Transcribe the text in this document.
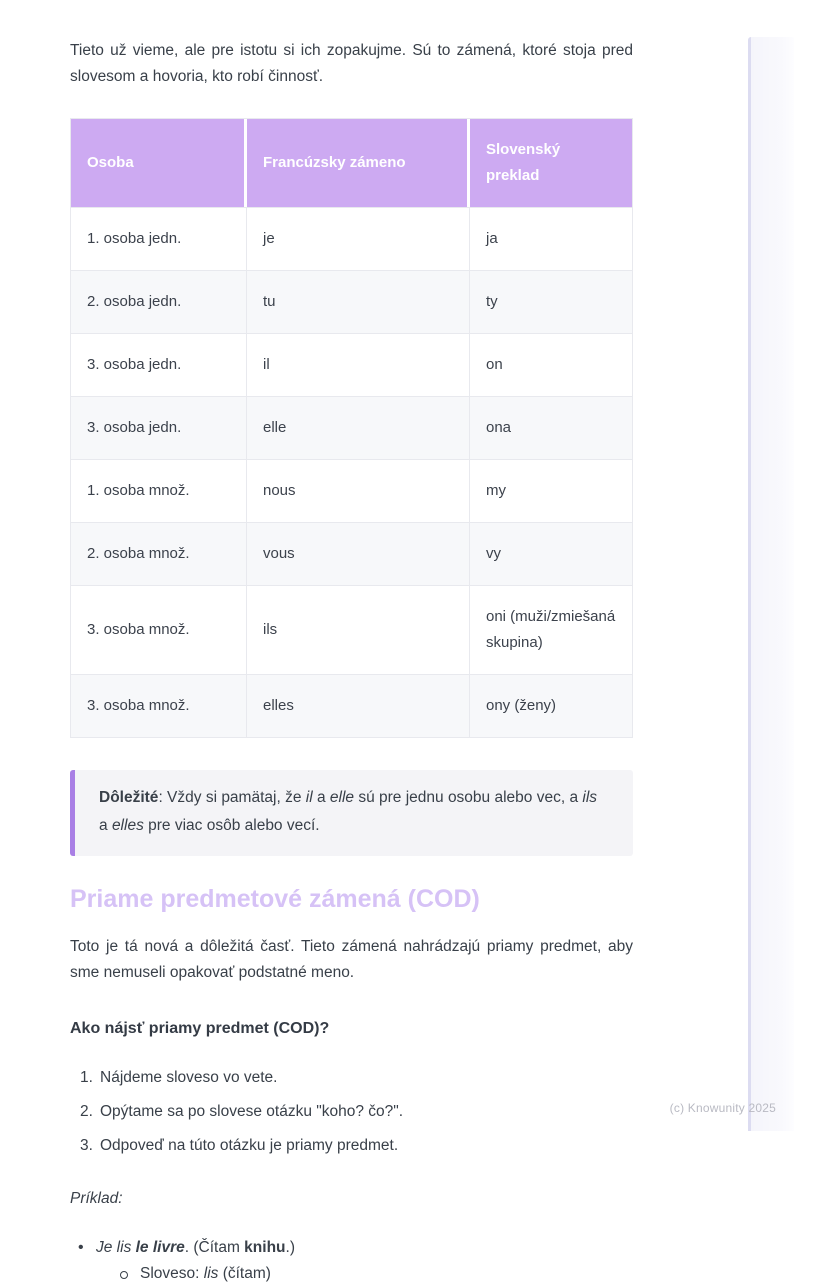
Tieto už vieme, ale pre istotu si ich zopakujme. Sú to zámená, ktoré stoja pred slovesom a hovoria, kto robí činnosť.

Osoba	Francúzsky zámeno	Slovenský preklad
1. osoba jedn.	je	ja
2. osoba jedn.	tu	ty
3. osoba jedn.	il	on
3. osoba jedn.	elle	ona
1. osoba množ.	nous	my
2. osoba množ.	vous	vy
3. osoba množ.	ils	oni (muži/zmiešaná skupina)
3. osoba množ.	elles	ony (ženy)

Dôležité: Vždy si pamätaj, že il a elle sú pre jednu osobu alebo vec, a ils a elles pre viac osôb alebo vecí.

Priame predmetové zámená (COD)

Toto je tá nová a dôležitá časť. Tieto zámená nahrádzajú priamy predmet, aby sme nemuseli opakovať podstatné meno.

Ako nájsť priamy predmet (COD)?

1. Nájdeme sloveso vo vete.
2. Opýtame sa po slovese otázku "koho? čo?".
3. Odpoveď na túto otázku je priamy predmet.

Príklad:

• Je lis le livre. (Čítam knihu.)
Sloveso: lis (čítam)
(c) Knowunity 2025
